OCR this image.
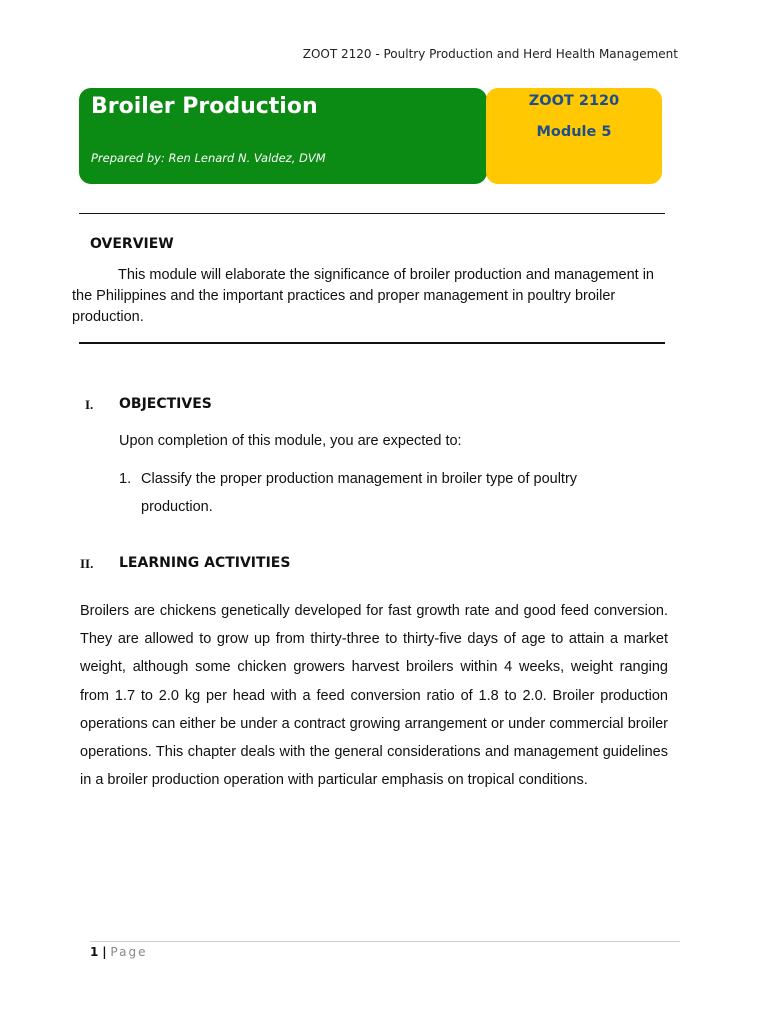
ZOOT 2120 - Poultry Production and Herd Health Management
Broiler Production
Prepared by: Ren Lenard N. Valdez, DVM
ZOOT 2120
Module 5
OVERVIEW
This module will elaborate the significance of broiler production and management in the Philippines and the important practices and proper management in poultry broiler production.
I. OBJECTIVES
Upon completion of this module, you are expected to:
1. Classify the proper production management in broiler type of poultry
production.
II. LEARNING ACTIVITIES
Broilers are chickens genetically developed for fast growth rate and good feed conversion. They are allowed to grow up from thirty-three to thirty-five days of age to attain a market weight, although some chicken growers harvest broilers within 4 weeks, weight ranging from 1.7 to 2.0 kg per head with a feed conversion ratio of 1.8 to 2.0. Broiler production operations can either be under a contract growing arrangement or under commercial broiler operations. This chapter deals with the general considerations and management guidelines in a broiler production operation with particular emphasis on tropical conditions.
1 | Page
